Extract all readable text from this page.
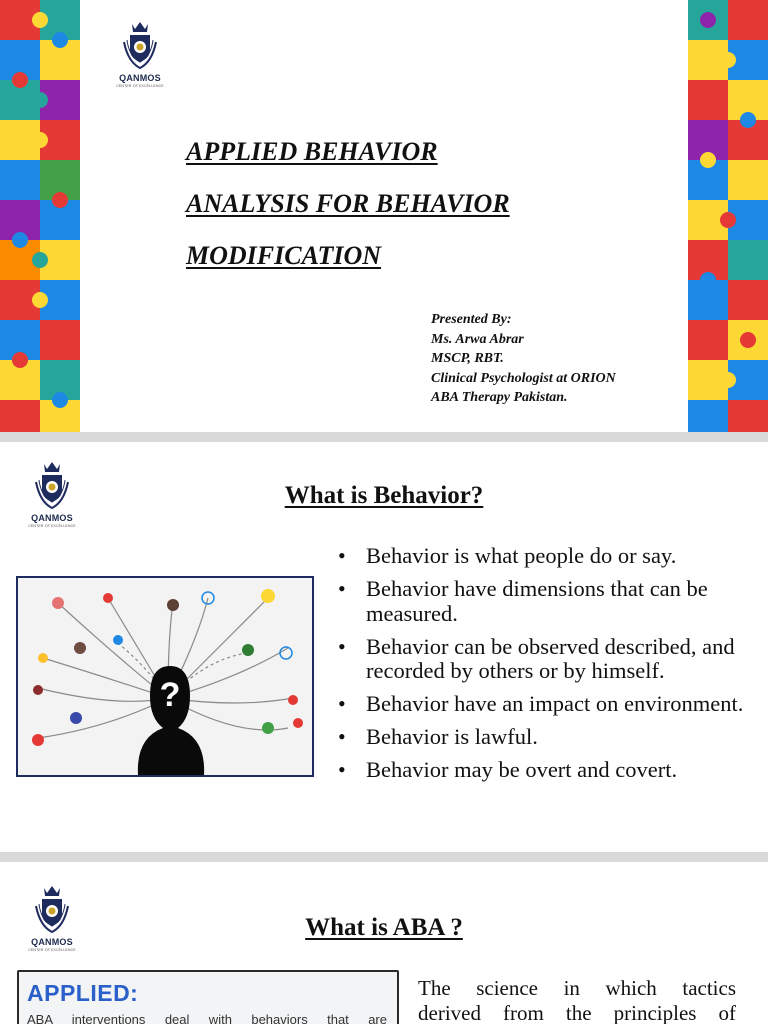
QANMOS
CENTER OF EXCELLENCE
APPLIED BEHAVIOR
ANALYSIS FOR BEHAVIOR
MODIFICATION
Presented By:
Ms. Arwa Abrar
MSCP, RBT.
Clinical Psychologist at ORION
ABA Therapy Pakistan.
QANMOS
CENTER OF EXCELLENCE
What is Behavior?
?
• Behavior is what people do or say.
• Behavior have dimensions that can be measured.
• Behavior can be observed described, and recorded by others or by himself.
• Behavior have an impact on environment.
• Behavior is lawful.
• Behavior may be overt and covert.
QANMOS
CENTER OF EXCELLENCE
What is ABA ?
APPLIED:
ABA interventions deal with behaviors that are
The science in which tactics
derived from the principles of
